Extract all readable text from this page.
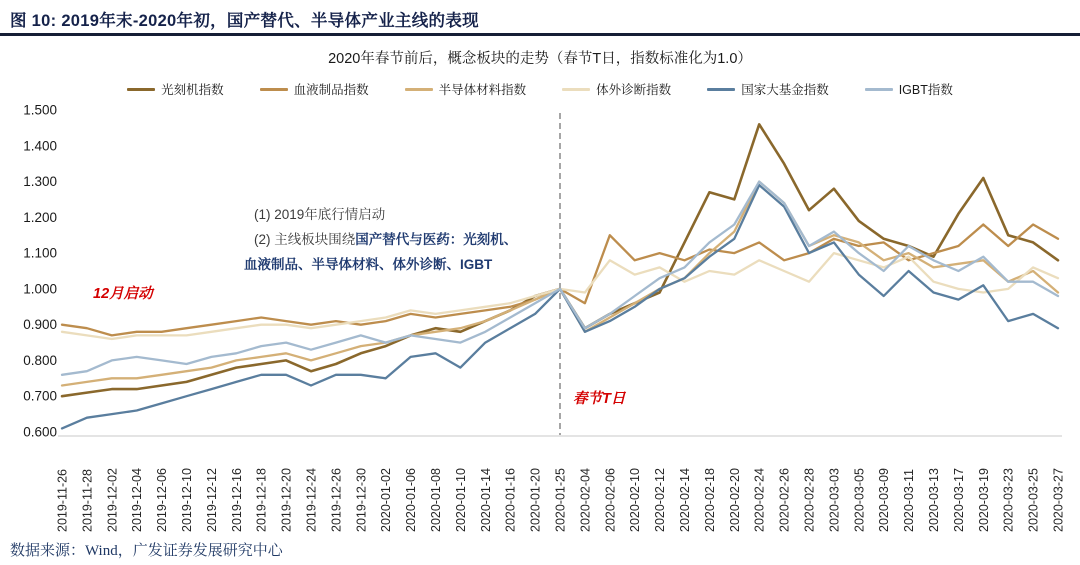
图 10: 2019年末-2020年初，国产替代、半导体产业主线的表现
2020年春节前后，概念板块的走势（春节T日，指数标准化为1.0）
光刻机指数	血液制品指数	半导体材料指数	体外诊断指数	国家大基金指数	IGBT指数
1.500
1.400
1.300
1.200
1.100
1.000
0.900
0.800
0.700
0.600
2019-11-26 2019-11-28 2019-12-02 2019-12-04 2019-12-06 2019-12-10 2019-12-12 2019-12-16 2019-12-18 2019-12-20 2019-12-24 2019-12-26 2019-12-30 2020-01-02 2020-01-06 2020-01-08 2020-01-10 2020-01-14 2020-01-16 2020-01-20 2020-01-25 2020-02-04 2020-02-06 2020-02-10 2020-02-12 2020-02-14 2020-02-18 2020-02-20 2020-02-24 2020-02-26 2020-02-28 2020-03-03 2020-03-05 2020-03-09 2020-03-11 2020-03-13 2020-03-17 2020-03-19 2020-03-23 2020-03-25 2020-03-27
12月启动
(1) 2019年底行情启动
(2) 主线板块围绕国产替代与医药：光刻机、
血液制品、半导体材料、体外诊断、IGBT
春节T日
数据来源：Wind，广发证券发展研究中心
